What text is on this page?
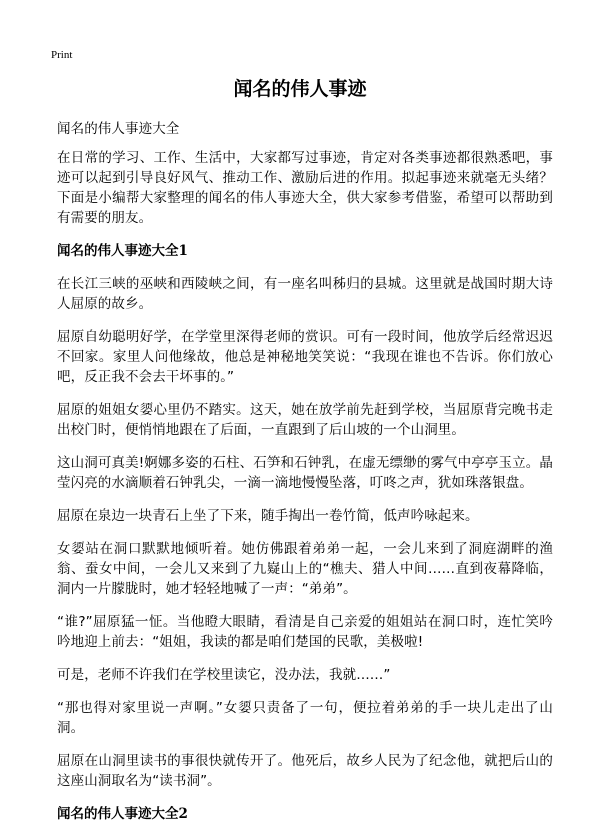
Print
闻名的伟人事迹

闻名的伟人事迹大全

在日常的学习、工作、生活中，大家都写过事迹，肯定对各类事迹都很熟悉吧，事迹可以起到引导良好风气、推动工作、激励后进的作用。拟起事迹来就毫无头绪？下面是小编帮大家整理的闻名的伟人事迹大全，供大家参考借鉴，希望可以帮助到有需要的朋友。

闻名的伟人事迹大全1

在长江三峡的巫峡和西陵峡之间，有一座名叫秭归的县城。这里就是战国时期大诗人屈原的故乡。

屈原自幼聪明好学，在学堂里深得老师的赏识。可有一段时间，他放学后经常迟迟不回家。家里人问他缘故，他总是神秘地笑笑说：“我现在谁也不告诉。你们放心吧，反正我不会去干坏事的。”

屈原的姐姐女媭心里仍不踏实。这天，她在放学前先赶到学校，当屈原背完晚书走出校门时，便悄悄地跟在了后面，一直跟到了后山坡的一个山洞里。

这山洞可真美!婀娜多姿的石柱、石笋和石钟乳，在虚无缥缈的雾气中亭亭玉立。晶莹闪亮的水滴顺着石钟乳尖，一滴一滴地慢慢坠落，叮咚之声，犹如珠落银盘。

屈原在泉边一块青石上坐了下来，随手掏出一卷竹简，低声吟咏起来。

女媭站在洞口默默地倾听着。她仿佛跟着弟弟一起，一会儿来到了洞庭湖畔的渔翁、蚕女中间，一会儿又来到了九嶷山上的“樵夫、猎人中间……直到夜幕降临，洞内一片朦胧时，她才轻轻地喊了一声：“弟弟”。

“谁?”屈原猛一怔。当他瞪大眼睛，看清是自己亲爱的姐姐站在洞口时，连忙笑吟吟地迎上前去：“姐姐，我读的都是咱们楚国的民歌，美极啦!

可是，老师不许我们在学校里读它，没办法，我就……”

“那也得对家里说一声啊。”女媭只责备了一句，便拉着弟弟的手一块儿走出了山洞。

屈原在山洞里读书的事很快就传开了。他死后，故乡人民为了纪念他，就把后山的这座山洞取名为“读书洞”。

闻名的伟人事迹大全2
